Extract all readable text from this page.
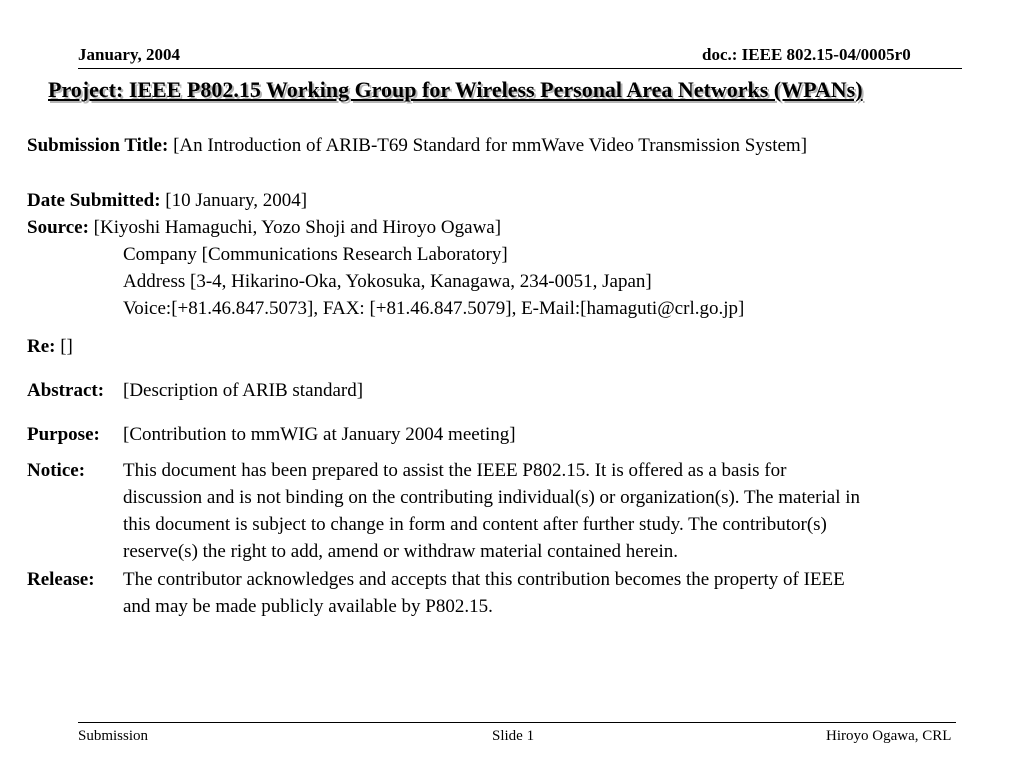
January, 2004	doc.: IEEE 802.15-04/0005r0
Project: IEEE P802.15 Working Group for Wireless Personal Area Networks (WPANs)
Submission Title: [An Introduction of ARIB-T69 Standard for mmWave Video Transmission System]
Date Submitted: [10 January, 2004]
Source: [Kiyoshi Hamaguchi, Yozo Shoji and Hiroyo Ogawa]
Company [Communications Research Laboratory]
Address [3-4, Hikarino-Oka, Yokosuka, Kanagawa, 234-0051, Japan]
Voice:[+81.46.847.5073], FAX: [+81.46.847.5079], E-Mail:[hamaguti@crl.go.jp]
Re: []
Abstract: [Description of ARIB standard]
Purpose: [Contribution to mmWIG at January 2004 meeting]
Notice: This document has been prepared to assist the IEEE P802.15. It is offered as a basis for
discussion and is not binding on the contributing individual(s) or organization(s). The material in
this document is subject to change in form and content after further study. The contributor(s)
reserve(s) the right to add, amend or withdraw material contained herein.
Release: The contributor acknowledges and accepts that this contribution becomes the property of IEEE
and may be made publicly available by P802.15.
Submission	Slide 1	Hiroyo Ogawa, CRL
